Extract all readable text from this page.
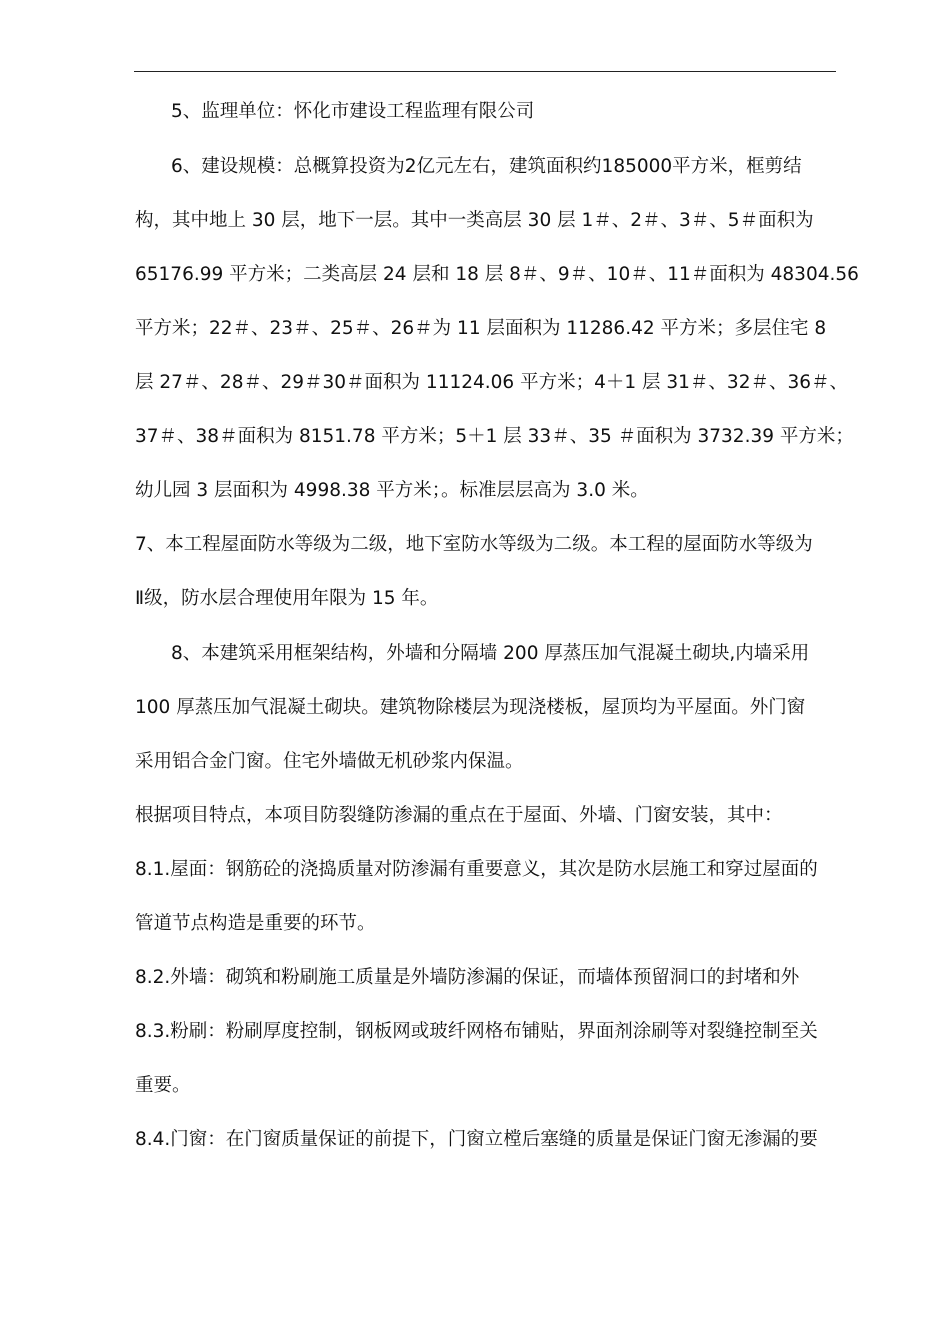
5、监理单位：怀化市建设工程监理有限公司
6、建设规模：总概算投资为2亿元左右，建筑面积约185000平方米，框剪结
构，其中地上 30 层，地下一层。其中一类高层 30 层 1＃、2＃、3＃、5＃面积为
65176.99 平方米；二类高层 24 层和 18 层 8＃、9＃、10＃、11＃面积为 48304.56
平方米；22＃、23＃、25＃、26＃为 11 层面积为 11286.42 平方米；多层住宅 8
层 27＃、28＃、29＃30＃面积为 11124.06 平方米；4＋1 层 31＃、32＃、36＃、
37＃、38＃面积为 8151.78 平方米；5＋1 层 33＃、35 ＃面积为 3732.39 平方米；
幼儿园 3 层面积为 4998.38 平方米；。标准层层高为 3.0 米。
7、本工程屋面防水等级为二级，地下室防水等级为二级。本工程的屋面防水等级为
Ⅱ级，防水层合理使用年限为 15 年。
8、本建筑采用框架结构，外墙和分隔墙 200 厚蒸压加气混凝土砌块,内墙采用
100 厚蒸压加气混凝土砌块。建筑物除楼层为现浇楼板，屋顶均为平屋面。外门窗
采用铝合金门窗。住宅外墙做无机砂浆内保温。
根据项目特点，本项目防裂缝防渗漏的重点在于屋面、外墙、门窗安装，其中：
8.1.屋面：钢筋砼的浇捣质量对防渗漏有重要意义，其次是防水层施工和穿过屋面的
管道节点构造是重要的环节。
8.2.外墙：砌筑和粉刷施工质量是外墙防渗漏的保证，而墙体预留洞口的封堵和外
8.3.粉刷：粉刷厚度控制，钢板网或玻纤网格布铺贴，界面剂涂刷等对裂缝控制至关
重要。
8.4.门窗：在门窗质量保证的前提下，门窗立樘后塞缝的质量是保证门窗无渗漏的要
